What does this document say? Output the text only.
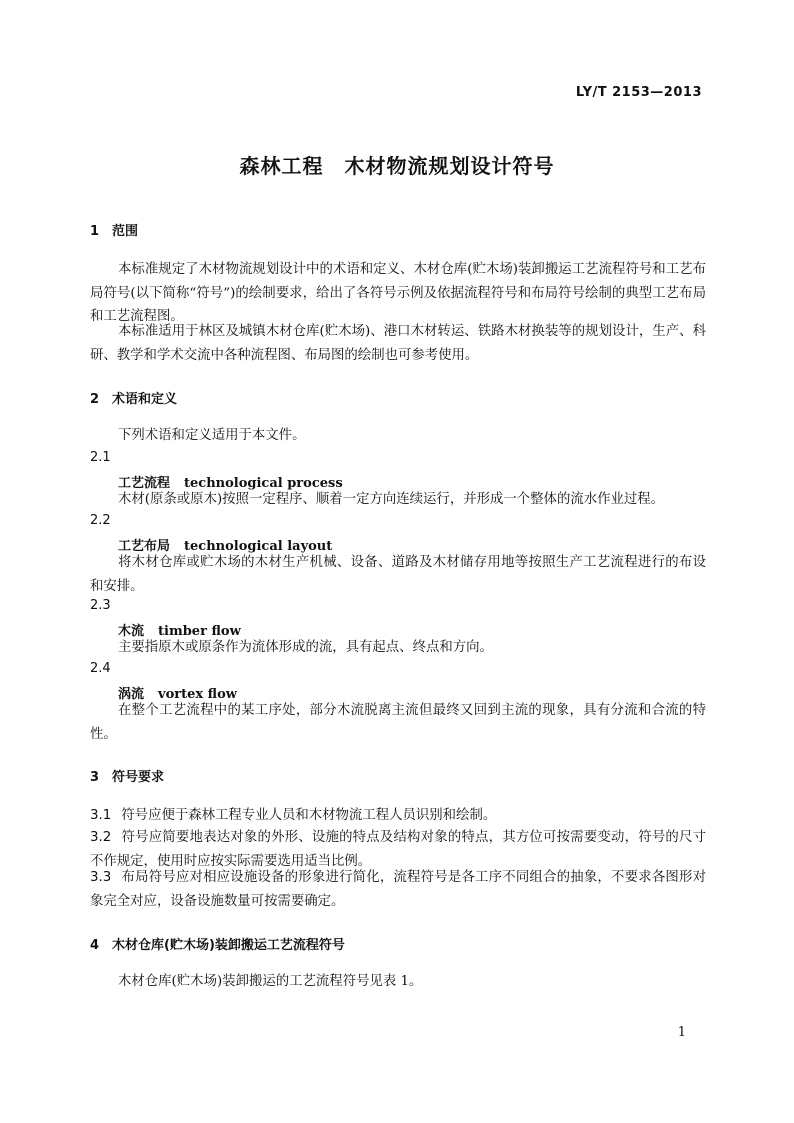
LY/T 2153—2013
森林工程　木材物流规划设计符号
1 范围
本标准规定了木材物流规划设计中的术语和定义、木材仓库(贮木场)装卸搬运工艺流程符号和工艺布局符号(以下简称“符号”)的绘制要求，给出了各符号示例及依据流程符号和布局符号绘制的典型工艺布局和工艺流程图。
本标准适用于林区及城镇木材仓库(贮木场)、港口木材转运、铁路木材换装等的规划设计，生产、科研、教学和学术交流中各种流程图、布局图的绘制也可参考使用。
2 术语和定义
下列术语和定义适用于本文件。
2.1
工艺流程 technological process
木材(原条或原木)按照一定程序、顺着一定方向连续运行，并形成一个整体的流水作业过程。
2.2
工艺布局 technological layout
将木材仓库或贮木场的木材生产机械、设备、道路及木材储存用地等按照生产工艺流程进行的布设和安排。
2.3
木流 timber flow
主要指原木或原条作为流体形成的流，具有起点、终点和方向。
2.4
涡流 vortex flow
在整个工艺流程中的某工序处，部分木流脱离主流但最终又回到主流的现象，具有分流和合流的特性。
3 符号要求
3.1 符号应便于森林工程专业人员和木材物流工程人员识别和绘制。
3.2 符号应简要地表达对象的外形、设施的特点及结构对象的特点，其方位可按需要变动，符号的尺寸不作规定，使用时应按实际需要选用适当比例。
3.3 布局符号应对相应设施设备的形象进行简化，流程符号是各工序不同组合的抽象，不要求各图形对象完全对应，设备设施数量可按需要确定。
4 木材仓库(贮木场)装卸搬运工艺流程符号
木材仓库(贮木场)装卸搬运的工艺流程符号见表 1。
1
